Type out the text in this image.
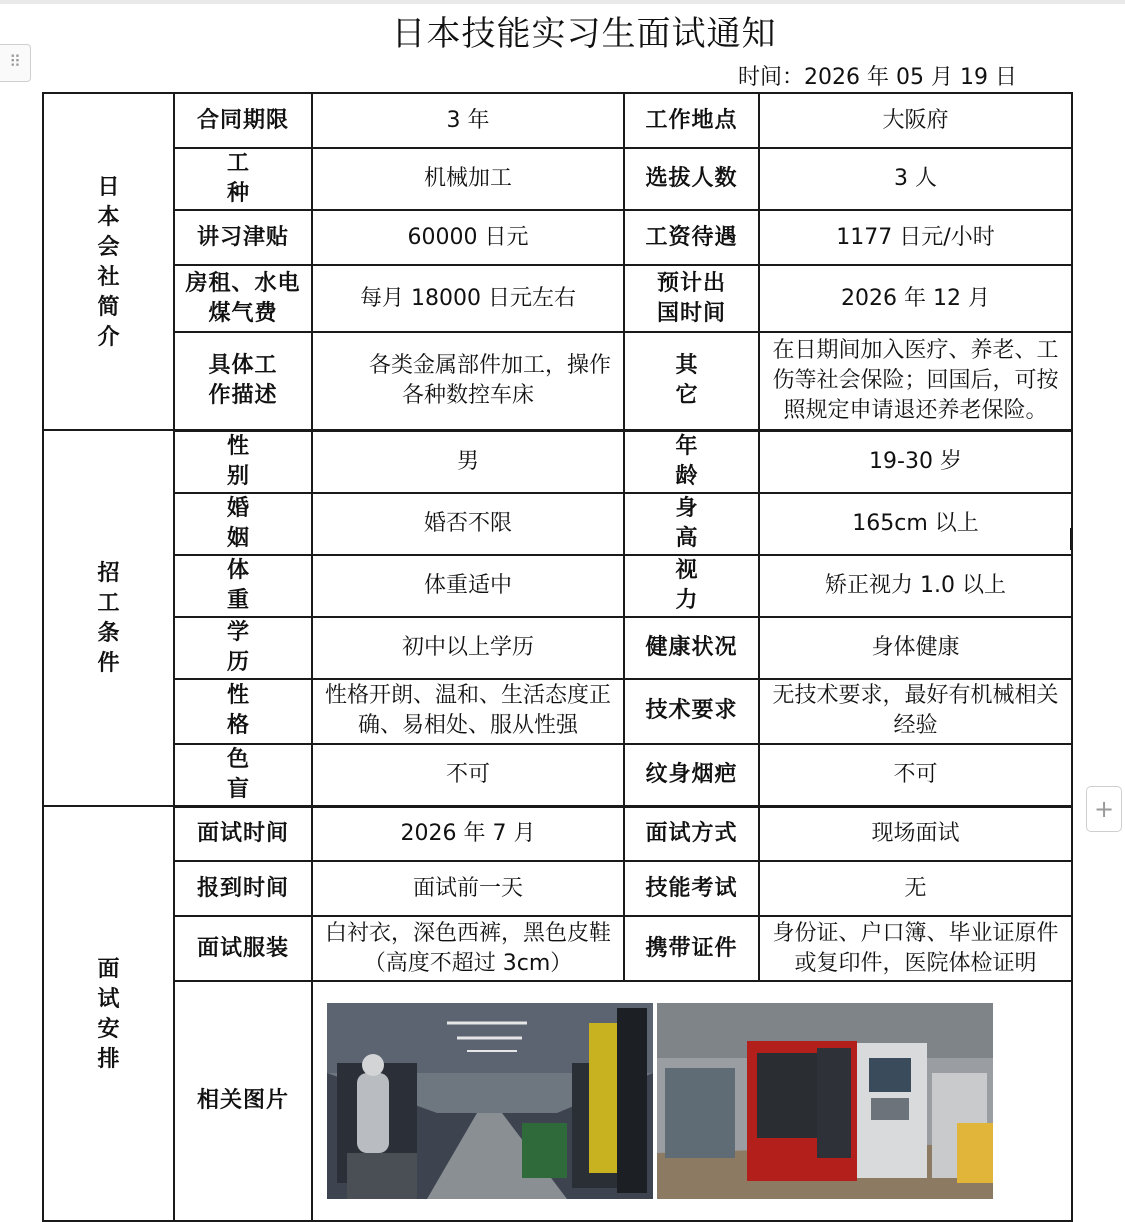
⠿
日本技能实习生面试通知
时间：2026 年 05 月 19 日
+
日本会社简介	合同期限	3 年	工作地点	大阪府
	工 种	机械加工	选拔人数	3 人
	讲习津贴	60000 日元	工资待遇	1177 日元/小时

	房租、水电煤气费	每月 18000 日元左右	预计出国时间	2026 年 12 月

	具体工作描述	　　各类金属部件加工，操作各种数控车床	其 它	在日期间加入医疗、养老、工伤等社会保险；回国后，可按照规定申请退还养老保险。
招工条件	性 别	男	年 龄	19-30 岁
	婚 姻	婚否不限	身 高	165cm 以上
	体 重	体重适中	视 力	矫正视力 1.0 以上
	学 历	初中以上学历	健康状况	身体健康
	性 格	性格开朗、温和、生活态度正确、易相处、服从性强	技术要求	无技术要求，最好有机械相关经验
	色 盲	不可	纹身烟疤	不可
面试安排	面试时间	2026 年 7 月	面试方式	现场面试
	报到时间	面试前一天	技能考试	无
	面试服装	白衬衣，深色西裤，黑色皮鞋（高度不超过 3cm）	携带证件	身份证、户口簿、毕业证原件或复印件，医院体检证明
	相关图片	
